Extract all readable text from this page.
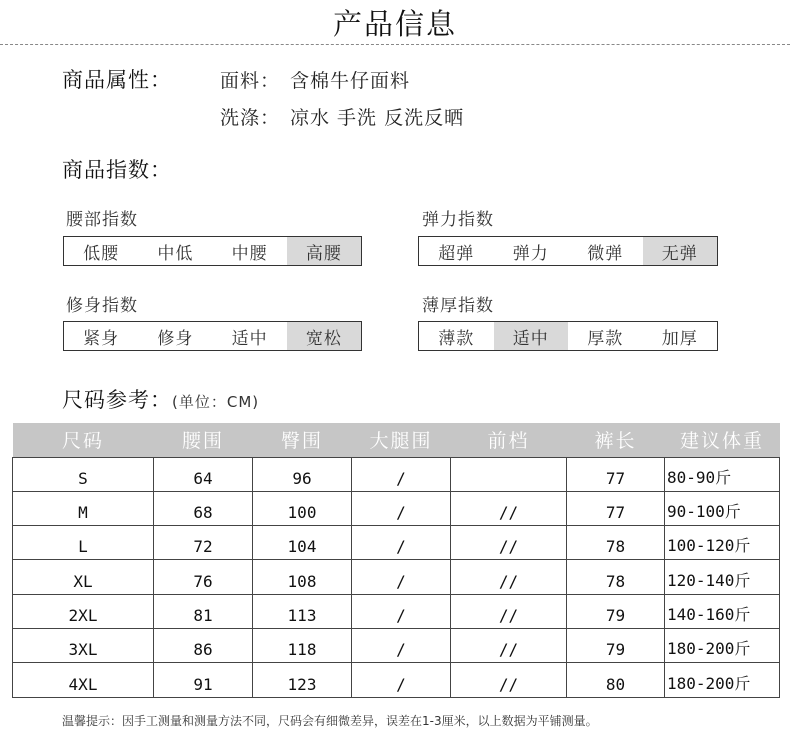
产品信息
商品属性：	面料： 含棉牛仔面料
洗涤： 凉水 手洗 反洗反晒
商品指数：
腰部指数
低腰	中低	中腰	高腰
弹力指数
超弹	弹力	微弹	无弹
修身指数
紧身	修身	适中	宽松
薄厚指数
薄款	适中	厚款	加厚
尺码参考：(单位：CM)
尺码	腰围	臀围	大腿围	前档	裤长	建议体重
S	64	96	/		77	80-90斤
M	68	100	/	//	77	90-100斤
L	72	104	/	//	78	100-120斤
XL	76	108	/	//	78	120-140斤
2XL	81	113	/	//	79	140-160斤
3XL	86	118	/	//	79	180-200斤
4XL	91	123	/	//	80	180-200斤
温馨提示：因手工测量和测量方法不同，尺码会有细微差异，误差在1-3厘米，以上数据为平铺测量。
